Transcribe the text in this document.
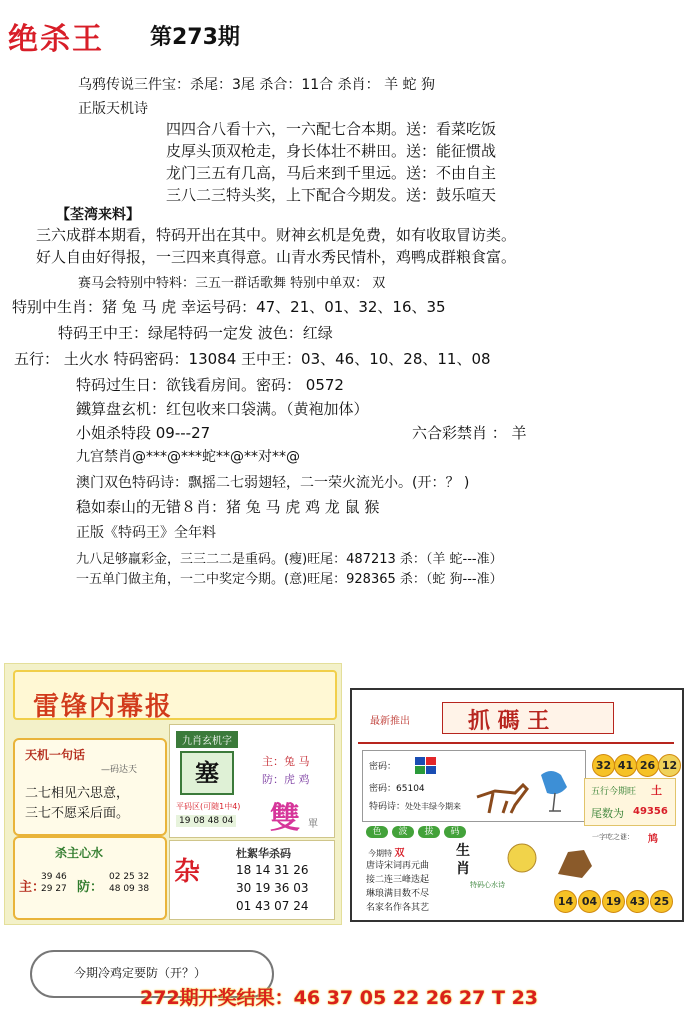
绝杀王 第273期
乌鸦传说三件宝：杀尾：3尾 杀合：11合 杀肖： 羊 蛇 狗
正版天机诗
四四合八看十六，一六配七合本期。送：看菜吃饭
皮厚头顶双枪走，身长体壮不耕田。送：能征惯战
龙门三五有几高，马后来到千里远。送：不由自主
三八二三特头奖，上下配合今期发。送：鼓乐喧天
【荃湾来料】
三六成群本期看，特码开出在其中。财神玄机是免费，如有收取冒访类。
好人自由好得报，一三四来真得意。山青水秀民情朴，鸡鸭成群粮食富。
赛马会特别中特料：三五一群话歌舞 特别中单双： 双
特别中生肖：猪 兔 马 虎 幸运号码：47、21、01、32、16、35
特码王中王：绿尾特码一定发 波色：红绿
五行： 土火水 特码密码：13084 王中王：03、46、10、28、11、08
特码过生日：欲钱看房间。密码： 0572
鐵算盘玄机：红包收来口袋满。（黄袍加体）
小姐杀特段 09---27	六合彩禁肖 ： 羊
九宫禁肖@***@***蛇**@**对**@
澳门双色特码诗：飘摇二七弱翅轻，二一荣火流光小。(开：？ )
稳如泰山的无错８肖：猪 兔 马 虎 鸡 龙 鼠 猴
正版《特码王》全年料
九八足够羸彩金，三三二二是重码。(瘦)旺尾：487213 杀：（羊 蛇---准）
一五单门做主角，一二中奖定今期。(意)旺尾：928365 杀：（蛇 狗---准）
雷锋内幕报
天机一句话
—码达天
二七相见六思意，
三七不愿采后面。
杀主心水
主：
39 46
29 27 防：
02 25 32
48 09 38
九肖玄机字
塞	主：兔 马
防：虎 鸡
平码区(可随1中4)
19 08 48 04 雙 單
杂
杜絮华杀码
18 14 31 26
30 19 36 03
01 43 07 24
最新推出	抓 碼 王
密码：
密码：65104
特码诗：处处丰绿今期来
32 41 26 12
五行今期旺 土
尾数为 49356
色	波	拔	码
今期特 双	生
肖
唐诗宋词再元曲
接二连三峰迭起
琳琅满目数不尽
名家名作各其艺
特码心水诗
一字吃之谜： 鸠
14 04 19 43 25
今期冷鸡定要防（开？）
272期开奖结果：46 37 05 22 26 27 T 23
